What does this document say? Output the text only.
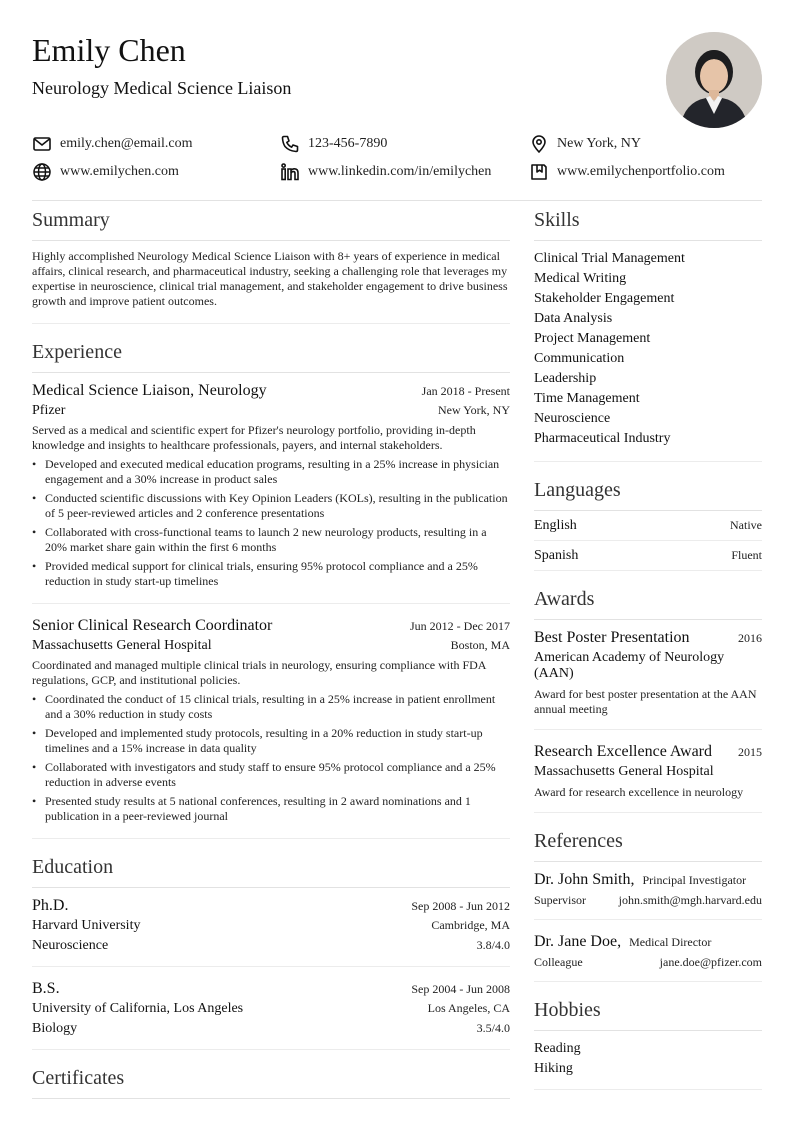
Emily Chen
Neurology Medical Science Liaison
emily.chen@email.com	123-456-7890	New York, NY
www.emilychen.com	www.linkedin.com/in/emilychen	www.emilychenportfolio.com
Summary
Highly accomplished Neurology Medical Science Liaison with 8+ years of experience in medical affairs, clinical research, and pharmaceutical industry, seeking a challenging role that leverages my expertise in neuroscience, clinical trial management, and stakeholder engagement to drive business growth and improve patient outcomes.
Experience
Medical Science Liaison, Neurology	Jan 2018 - Present
Pfizer	New York, NY
Served as a medical and scientific expert for Pfizer's neurology portfolio, providing in-depth knowledge and insights to healthcare professionals, payers, and internal stakeholders.
• Developed and executed medical education programs, resulting in a 25% increase in physician engagement and a 30% increase in product sales
• Conducted scientific discussions with Key Opinion Leaders (KOLs), resulting in the publication of 5 peer-reviewed articles and 2 conference presentations
• Collaborated with cross-functional teams to launch 2 new neurology products, resulting in a 20% market share gain within the first 6 months
• Provided medical support for clinical trials, ensuring 95% protocol compliance and a 25% reduction in study start-up timelines
Senior Clinical Research Coordinator	Jun 2012 - Dec 2017
Massachusetts General Hospital	Boston, MA
Coordinated and managed multiple clinical trials in neurology, ensuring compliance with FDA regulations, GCP, and institutional policies.
• Coordinated the conduct of 15 clinical trials, resulting in a 25% increase in patient enrollment and a 30% reduction in study costs
• Developed and implemented study protocols, resulting in a 20% reduction in study start-up timelines and a 15% increase in data quality
• Collaborated with investigators and study staff to ensure 95% protocol compliance and a 25% reduction in adverse events
• Presented study results at 5 national conferences, resulting in 2 award nominations and 1 publication in a peer-reviewed journal
Education
Ph.D.	Sep 2008 - Jun 2012
Harvard University	Cambridge, MA
Neuroscience	3.8/4.0
B.S.	Sep 2004 - Jun 2008
University of California, Los Angeles	Los Angeles, CA
Biology	3.5/4.0
Certificates
Skills
Clinical Trial Management
Medical Writing
Stakeholder Engagement
Data Analysis
Project Management
Communication
Leadership
Time Management
Neuroscience
Pharmaceutical Industry
Languages
English	Native
Spanish	Fluent
Awards
Best Poster Presentation	2016
American Academy of Neurology (AAN)
Award for best poster presentation at the AAN annual meeting
Research Excellence Award 2015
Massachusetts General Hospital
Award for research excellence in neurology
References
Dr. John Smith, Principal Investigator
Supervisor	john.smith@mgh.harvard.edu
Dr. Jane Doe, Medical Director
Colleague	jane.doe@pfizer.com
Hobbies
Reading
Hiking
